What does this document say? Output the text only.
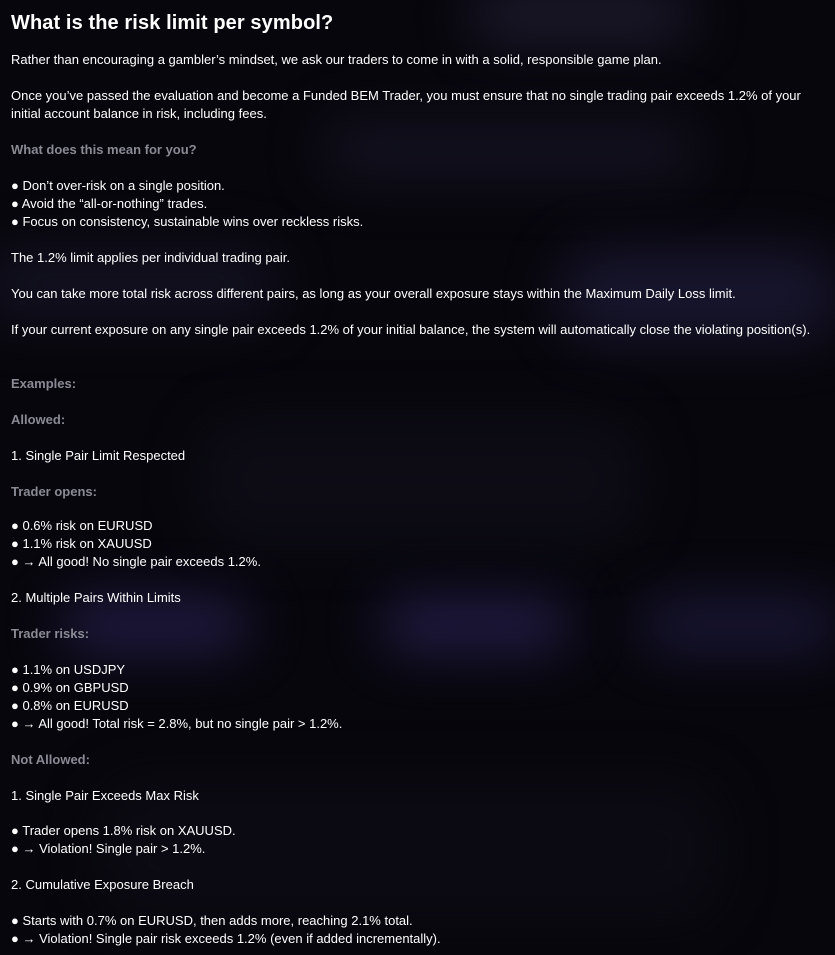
What is the risk limit per symbol?

Rather than encouraging a gambler’s mindset, we ask our traders to come in with a solid, responsible game plan.

Once you’ve passed the evaluation and become a Funded BEM Trader, you must ensure that no single trading pair exceeds 1.2% of your initial account balance in risk, including fees.

What does this mean for you?

● Don’t over-risk on a single position.
● Avoid the “all-or-nothing” trades.
● Focus on consistency, sustainable wins over reckless risks.

The 1.2% limit applies per individual trading pair.

You can take more total risk across different pairs, as long as your overall exposure stays within the Maximum Daily Loss limit.

If your current exposure on any single pair exceeds 1.2% of your initial balance, the system will automatically close the violating position(s).

Examples:

Allowed:

1. Single Pair Limit Respected

Trader opens:

● 0.6% risk on EURUSD
● 1.1% risk on XAUUSD
● → All good! No single pair exceeds 1.2%.

2. Multiple Pairs Within Limits

Trader risks:

● 1.1% on USDJPY
● 0.9% on GBPUSD
● 0.8% on EURUSD
● → All good! Total risk = 2.8%, but no single pair > 1.2%.

Not Allowed:

1. Single Pair Exceeds Max Risk

● Trader opens 1.8% risk on XAUUSD.
● → Violation! Single pair > 1.2%.

2. Cumulative Exposure Breach

● Starts with 0.7% on EURUSD, then adds more, reaching 2.1% total.
● → Violation! Single pair risk exceeds 1.2% (even if added incrementally).
